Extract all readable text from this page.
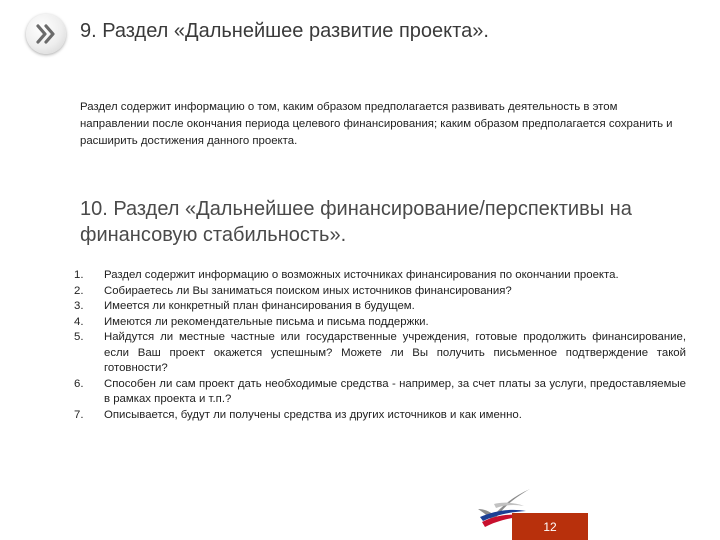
9. Раздел «Дальнейшее развитие проекта».
Раздел содержит информацию о том, каким образом предполагается развивать деятельность в этом направлении после окончания периода целевого финансирования; каким образом предполагается сохранить и расширить достижения данного проекта.
10. Раздел «Дальнейшее финансирование/перспективы на финансовую стабильность».
1. Раздел содержит информацию о возможных источниках финансирования по окончании проекта.
2. Собираетесь ли Вы заниматься поиском иных источников финансирования?
3. Имеется ли конкретный план финансирования в будущем.
4. Имеются ли рекомендательные письма и письма поддержки.
5. Найдутся ли местные частные или государственные учреждения, готовые продолжить финансирование, если Ваш проект окажется успешным? Можете ли Вы получить письменное подтверждение такой готовности?
6. Способен ли сам проект дать необходимые средства - например, за счет платы за услуги, предоставляемые в рамках проекта и т.п.?
7. Описывается, будут ли получены средства из других источников и как именно.
12
